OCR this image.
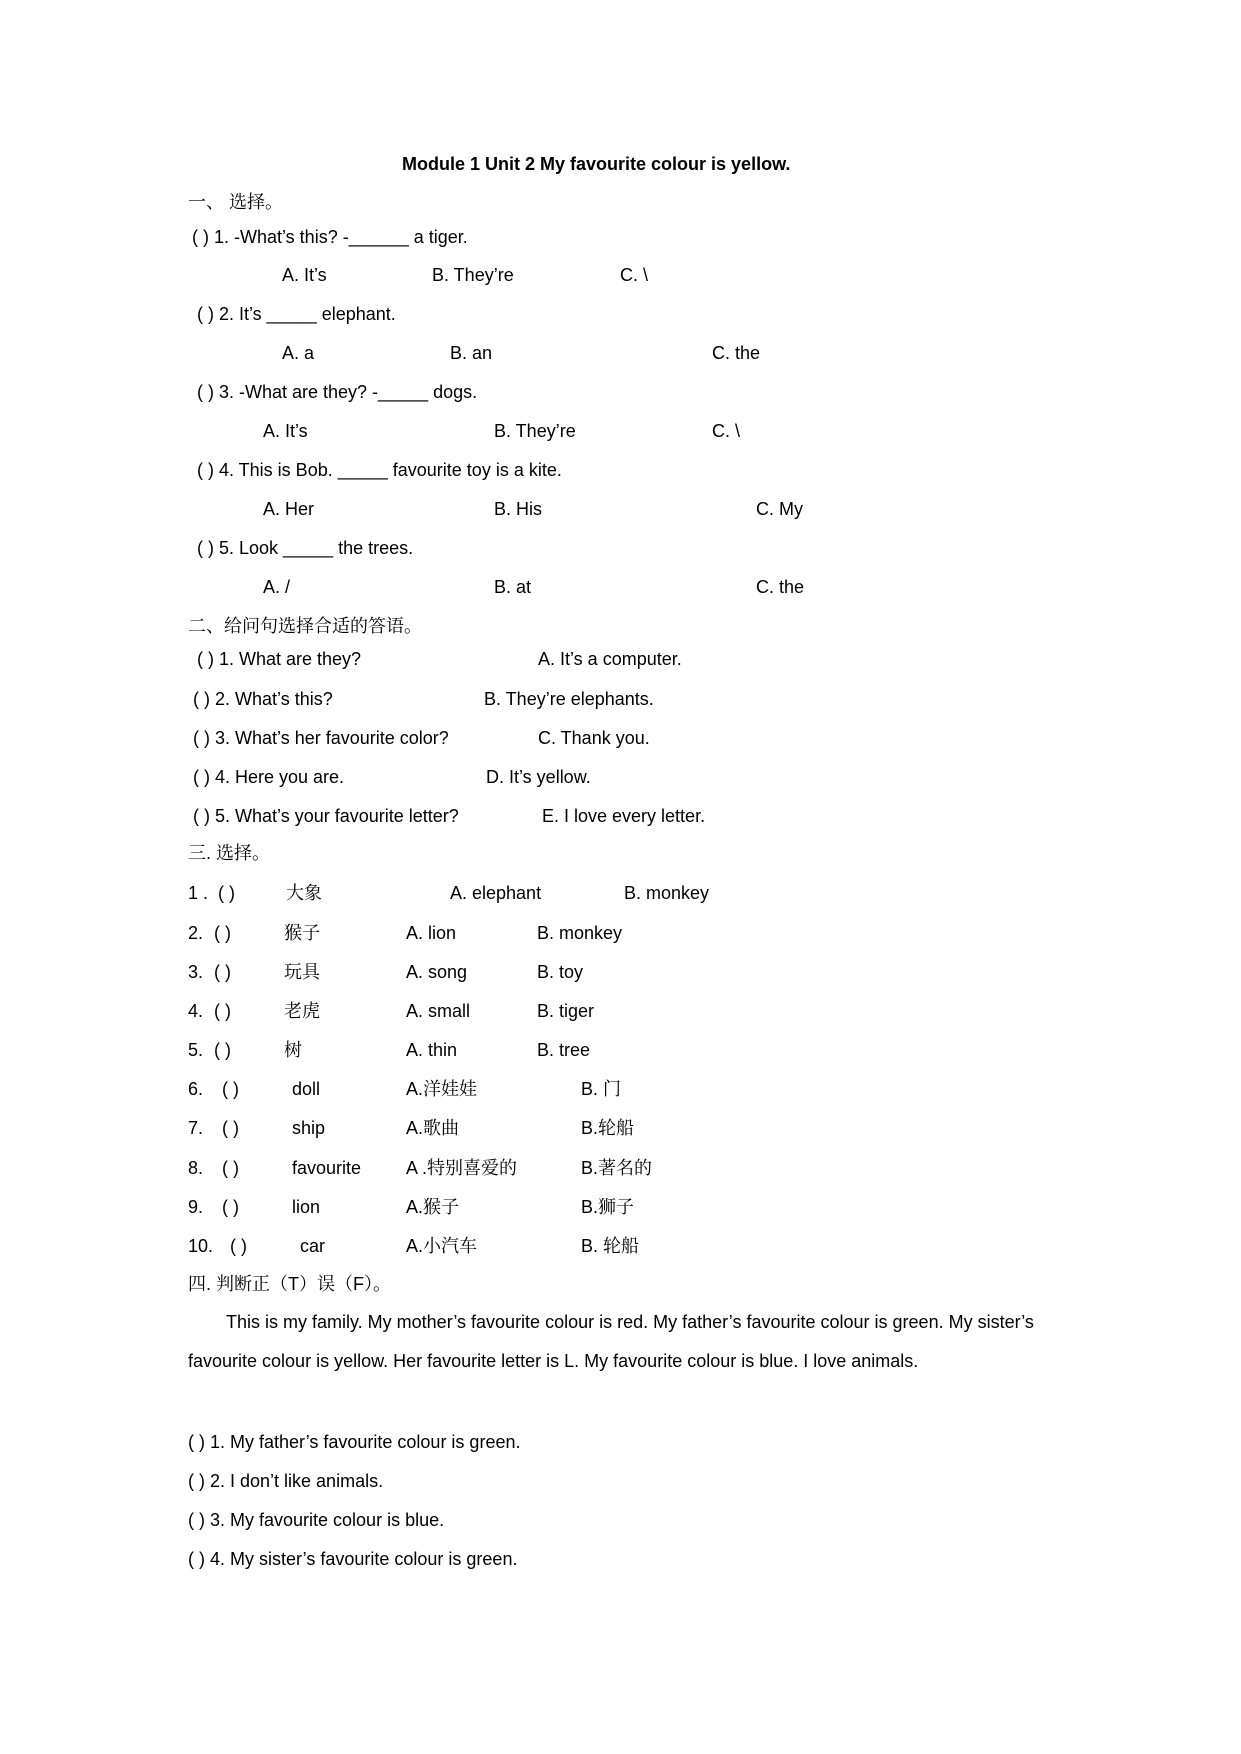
Module 1 Unit 2 My favourite colour is yellow.
一、 选择。
( ) 1. -What’s this? -______ a tiger.
A. It’s	B. They’re	C. \
( ) 2. It’s _____ elephant.
A. a	B. an	C. the
( ) 3. -What are they? -_____ dogs.
A. It’s	B. They’re	C. \
( ) 4. This is Bob. _____ favourite toy is a kite.
A. Her	B. His	C. My
( ) 5. Look _____ the trees.
A. /	B. at	C. the
二、给问句选择合适的答语。
( ) 1. What are they?	A. It’s a computer.
( ) 2. What’s this?	B. They’re elephants.
( ) 3. What’s her favourite color?	C. Thank you.
( ) 4. Here you are.	D. It’s yellow.
( ) 5. What’s your favourite letter?	E. I love every letter.
三. 选择。
1 . ( )	大象	A. elephant	B. monkey
2. ( )	猴子	A. lion	B. monkey
3. ( )	玩具	A. song	B. toy
4. ( )	老虎	A. small	B. tiger
5. ( )	树	A. thin	B. tree
6. ( )	doll	A.洋娃娃	B. 门
7. ( )	ship	A.歌曲	B.轮船
8. ( )	favourite A .特别喜爱的	B.著名的
9. ( )	lion	A.猴子	B.狮子
10. ( )	car	A.小汽车	B. 轮船
四. 判断正（T）误（F）。
This is my family. My mother’s favourite colour is red. My father’s favourite colour is green. My sister’s favourite colour is yellow. Her favourite letter is L. My favourite colour is blue. I love animals.
( ) 1. My father’s favourite colour is green.
( ) 2. I don’t like animals.
( ) 3. My favourite colour is blue.
( ) 4. My sister’s favourite colour is green.
